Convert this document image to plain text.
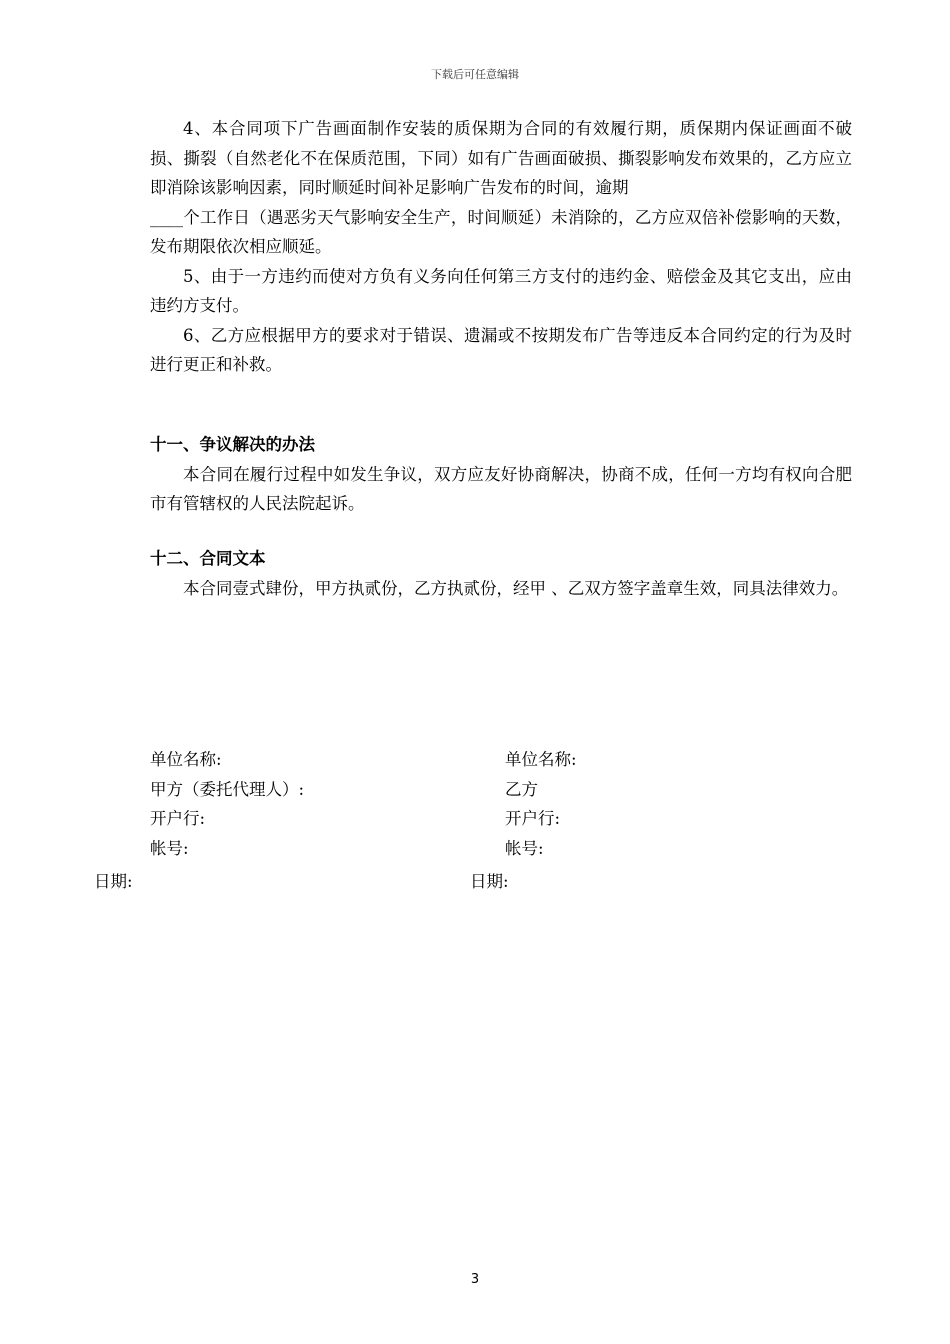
下载后可任意编辑

4、本合同项下广告画面制作安装的质保期为合同的有效履行期，质保期内保证画面不破损、撕裂（自然老化不在保质范围，下同）如有广告画面破损、撕裂影响发布效果的，乙方应立即消除该影响因素，同时顺延时间补足影响广告发布的时间，逾期

____个工作日（遇恶劣天气影响安全生产，时间顺延）未消除的，乙方应双倍补偿影响的天数，发布期限依次相应顺延。

5、由于一方违约而使对方负有义务向任何第三方支付的违约金、赔偿金及其它支出，应由违约方支付。

6、乙方应根据甲方的要求对于错误、遗漏或不按期发布广告等违反本合同约定的行为及时进行更正和补救。

十一、争议解决的办法

本合同在履行过程中如发生争议，双方应友好协商解决，协商不成，任何一方均有权向合肥市有管辖权的人民法院起诉。

十二、合同文本

本合同壹式肆份，甲方执贰份，乙方执贰份，经甲 、乙双方签字盖章生效，同具法律效力。

单位名称:

甲方（委托代理人）:

开户行:

帐号:

单位名称:

乙方

开户行:

帐号:

日期:	日期:
3
